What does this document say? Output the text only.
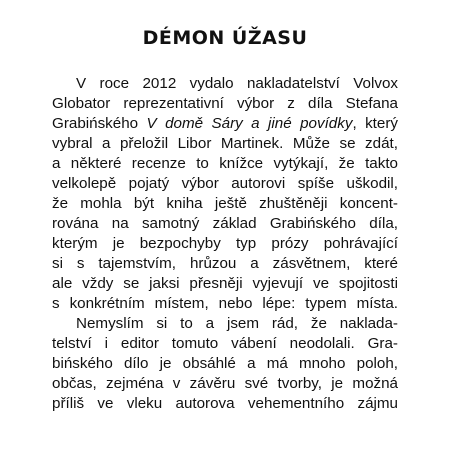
DÉMON ÚŽASU
V roce 2012 vydalo nakladatelství Volvox
Globator reprezentativní výbor z díla Stefana
Grabińského V domě Sáry a jiné povídky, který
vybral a přeložil Libor Martinek. Může se zdát,
a některé recenze to knížce vytýkají, že takto
velkolepě pojatý výbor autorovi spíše uškodil,
že mohla být kniha ještě zhuštěněji koncent-
rována na samotný základ Grabińského díla,
kterým je bezpochyby typ prózy pohrávající
si s tajemstvím, hrůzou a zásvětnem, které
ale vždy se jaksi přesněji vyjevují ve spojitosti
s konkrétním místem, nebo lépe: typem místa.
Nemyslím si to a jsem rád, že naklada-
telství i editor tomuto vábení neodolali. Gra-
bińského dílo je obsáhlé a má mnoho poloh,
občas, zejména v závěru své tvorby, je možná
příliš ve vleku autorova vehementního zájmu
